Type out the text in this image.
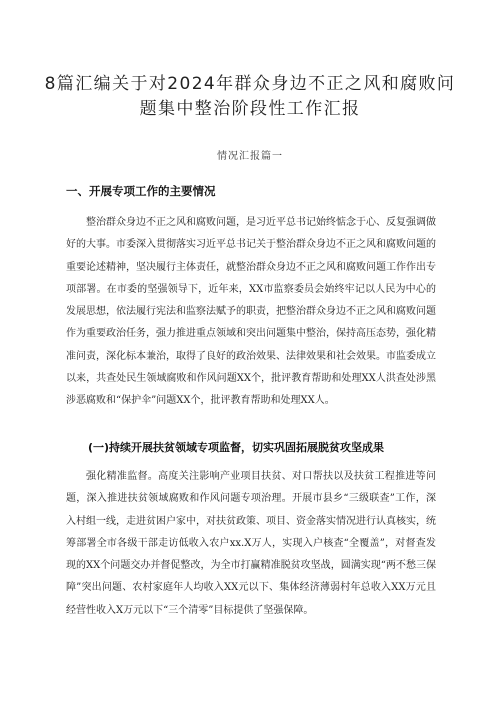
8篇汇编关于对2024年群众身边不正之风和腐败问题集中整治阶段性工作汇报
情况汇报篇一
一、开展专项工作的主要情况
整治群众身边不正之风和腐败问题，是习近平总书记始终惦念于心、反复强调做好的大事。市委深入贯彻落实习近平总书记关于整治群众身边不正之风和腐败问题的重要论述精神，坚决履行主体责任，就整治群众身边不正之风和腐败问题工作作出专项部署。在市委的坚强领导下，近年来，XX市监察委员会始终牢记以人民为中心的发展思想，依法履行宪法和监察法赋予的职责，把整治群众身边不正之风和腐败问题作为重要政治任务，强力推进重点领域和突出问题集中整治，保持高压态势，强化精准问责，深化标本兼治，取得了良好的政治效果、法律效果和社会效果。市监委成立以来，共查处民生领域腐败和作风问题XX个，批评教育帮助和处理XX人洪查处涉黑涉恶腐败和“保护伞”问题XX个，批评教育帮助和处理XX人。
(一)持续开展扶贫领域专项监督，切实巩固拓展脱贫攻坚成果
强化精准监督。高度关注影响产业项目扶贫、对口帮扶以及扶贫工程推进等问题，深入推进扶贫领域腐败和作风问题专项治理。开展市县乡“三级联查”工作，深入村组一线，走进贫困户家中，对扶贫政策、项目、资金落实情况进行认真核实，统筹部署全市各级干部走访低收入农户xx.X万人，实现入户核查“全覆盖”，对督查发现的XX个问题交办并督促整改，为全市打赢精准脱贫攻坚战，圆满实现“两不愁三保障”突出问题、农村家庭年人均收入XX元以下、集体经济薄弱村年总收入XX万元且经营性收入X万元以下“三个清零”目标提供了坚强保障。
